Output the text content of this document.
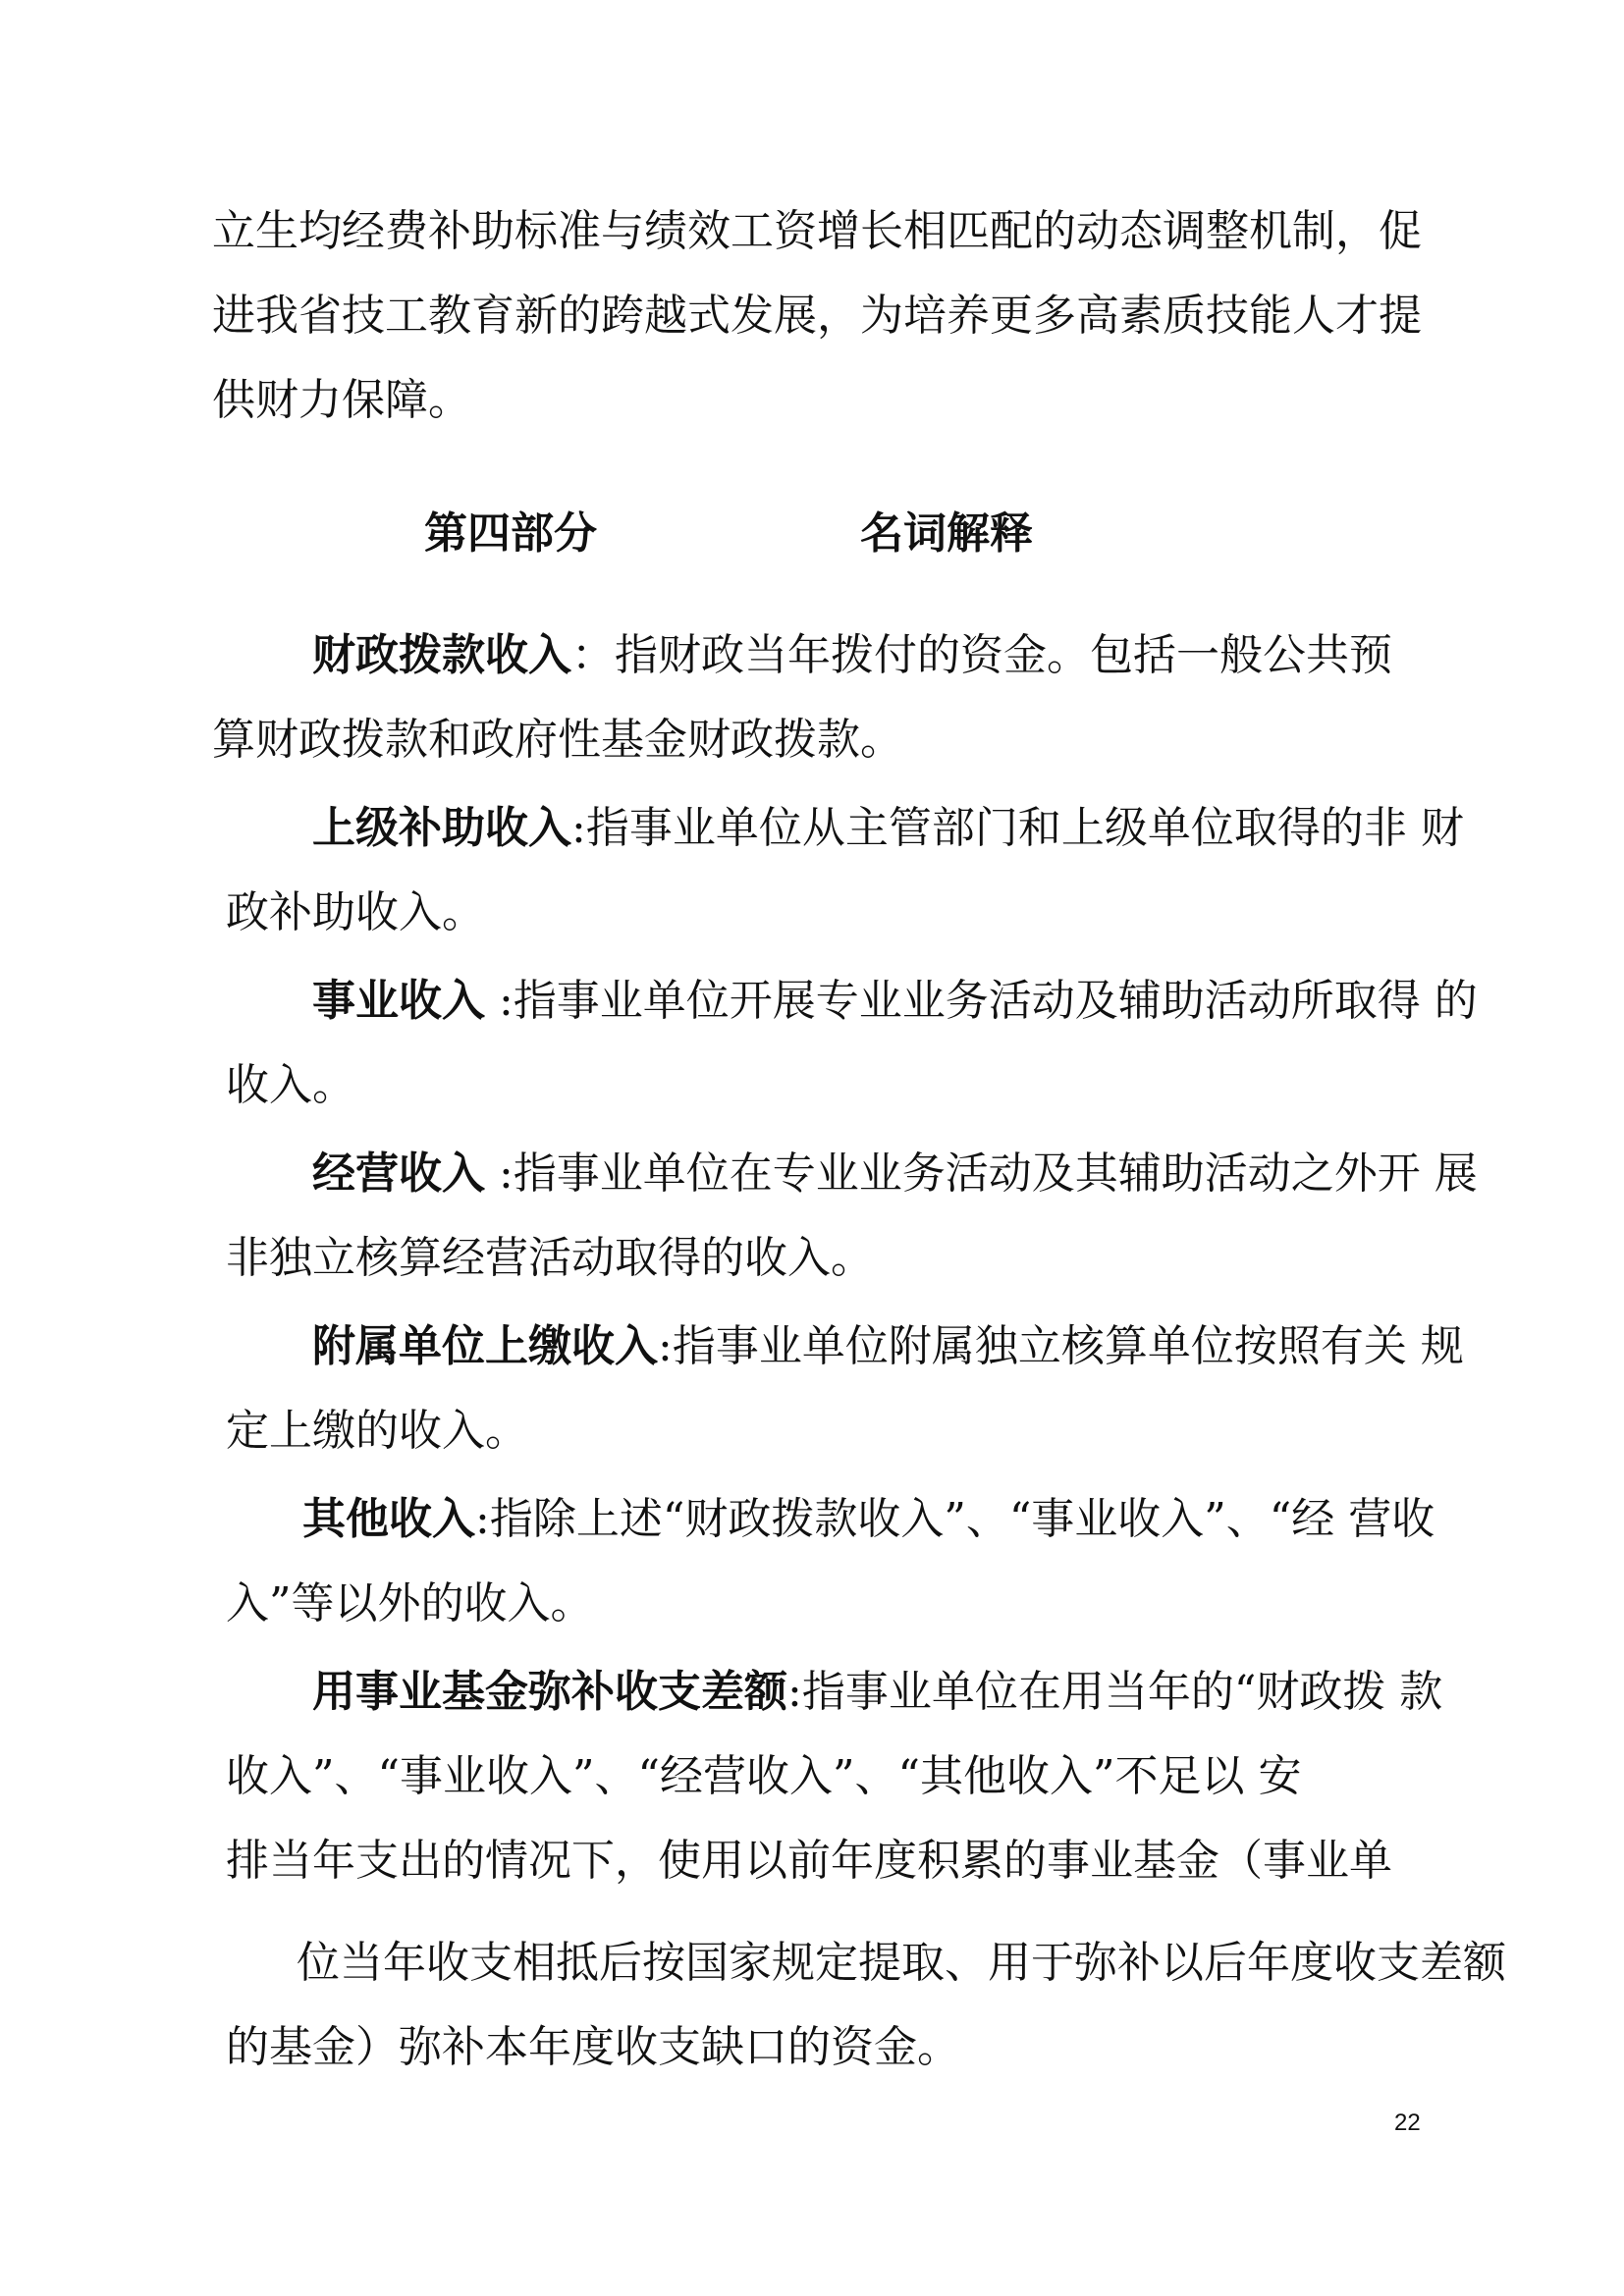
立生均经费补助标准与绩效工资增长相匹配的动态调整机制，促
进我省技工教育新的跨越式发展，为培养更多高素质技能人才提
供财力保障。
第四部分	名词解释
财政拨款收入：指财政当年拨付的资金。包括一般公共预
算财政拨款和政府性基金财政拨款。
上级补助收入:指事业单位从主管部门和上级单位取得的非 财
政补助收入。
事业收入 :指事业单位开展专业业务活动及辅助活动所取得 的
收入。
经营收入 :指事业单位在专业业务活动及其辅助活动之外开 展
非独立核算经营活动取得的收入。
附属单位上缴收入:指事业单位附属独立核算单位按照有关 规
定上缴的收入。
其他收入:指除上述“财政拨款收入”、“事业收入”、“经 营收
入”等以外的收入。
用事业基金弥补收支差额:指事业单位在用当年的“财政拨 款
收入”、“事业收入”、“经营收入”、“其他收入”不足以 安
排当年支出的情况下，使用以前年度积累的事业基金（事业单
位当年收支相抵后按国家规定提取、用于弥补以后年度收支差额
的基金）弥补本年度收支缺口的资金。
22
